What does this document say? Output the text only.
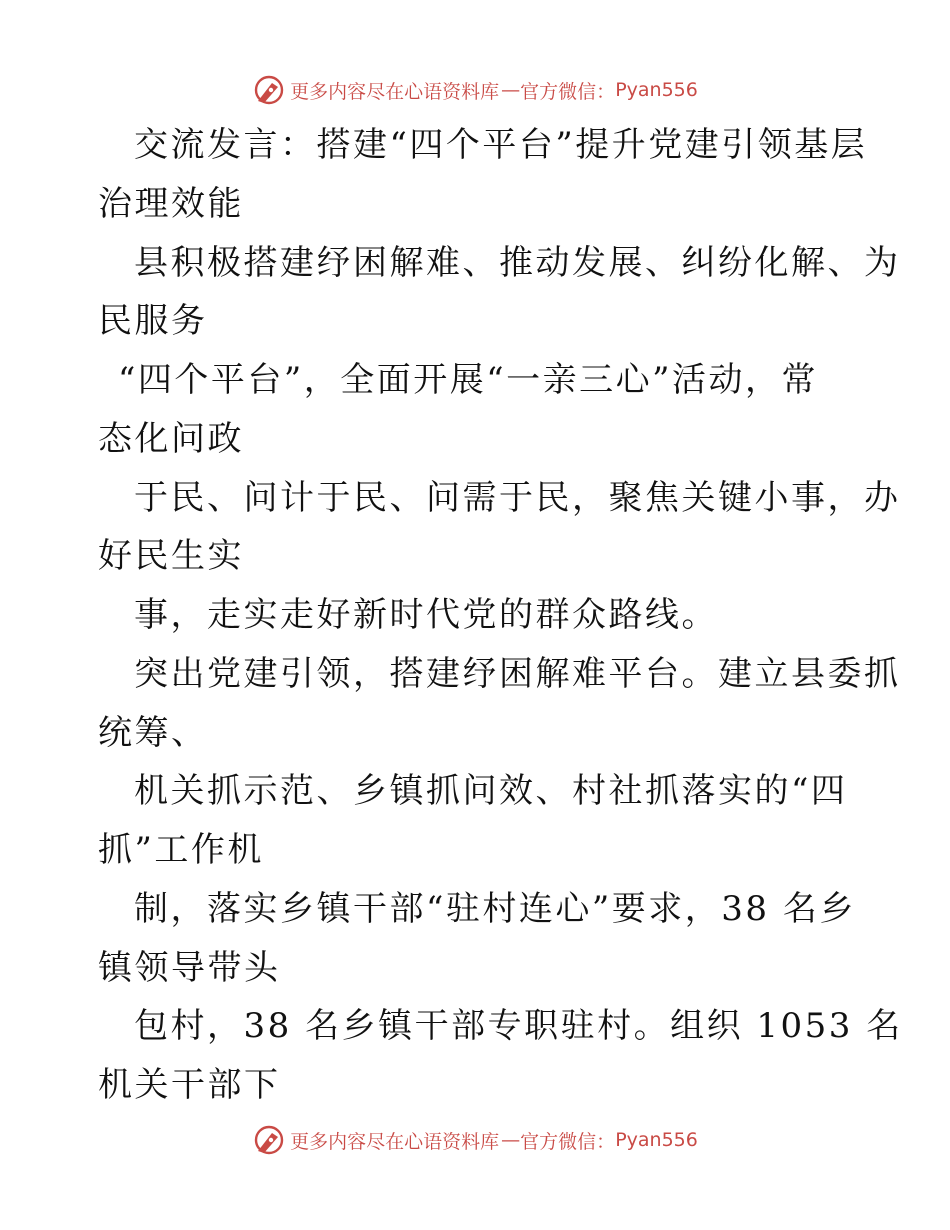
更多内容尽在心语资料库 — 官方微信： Pyan556
交流发言：搭建“四个平台”提升党建引领基层
治理效能
县积极搭建纾困解难、推动发展、纠纷化解、为
民服务
“四个平台”，全面开展“一亲三心”活动，常
态化问政
于民、问计于民、问需于民，聚焦关键小事，办
好民生实
事，走实走好新时代党的群众路线。
突出党建引领，搭建纾困解难平台。建立县委抓
统筹、
机关抓示范、乡镇抓问效、村社抓落实的“四
抓”工作机
制，落实乡镇干部“驻村连心”要求，38 名乡
镇领导带头
包村，38 名乡镇干部专职驻村。组织 1053 名
机关干部下
更多内容尽在心语资料库 — 官方微信： Pyan556
